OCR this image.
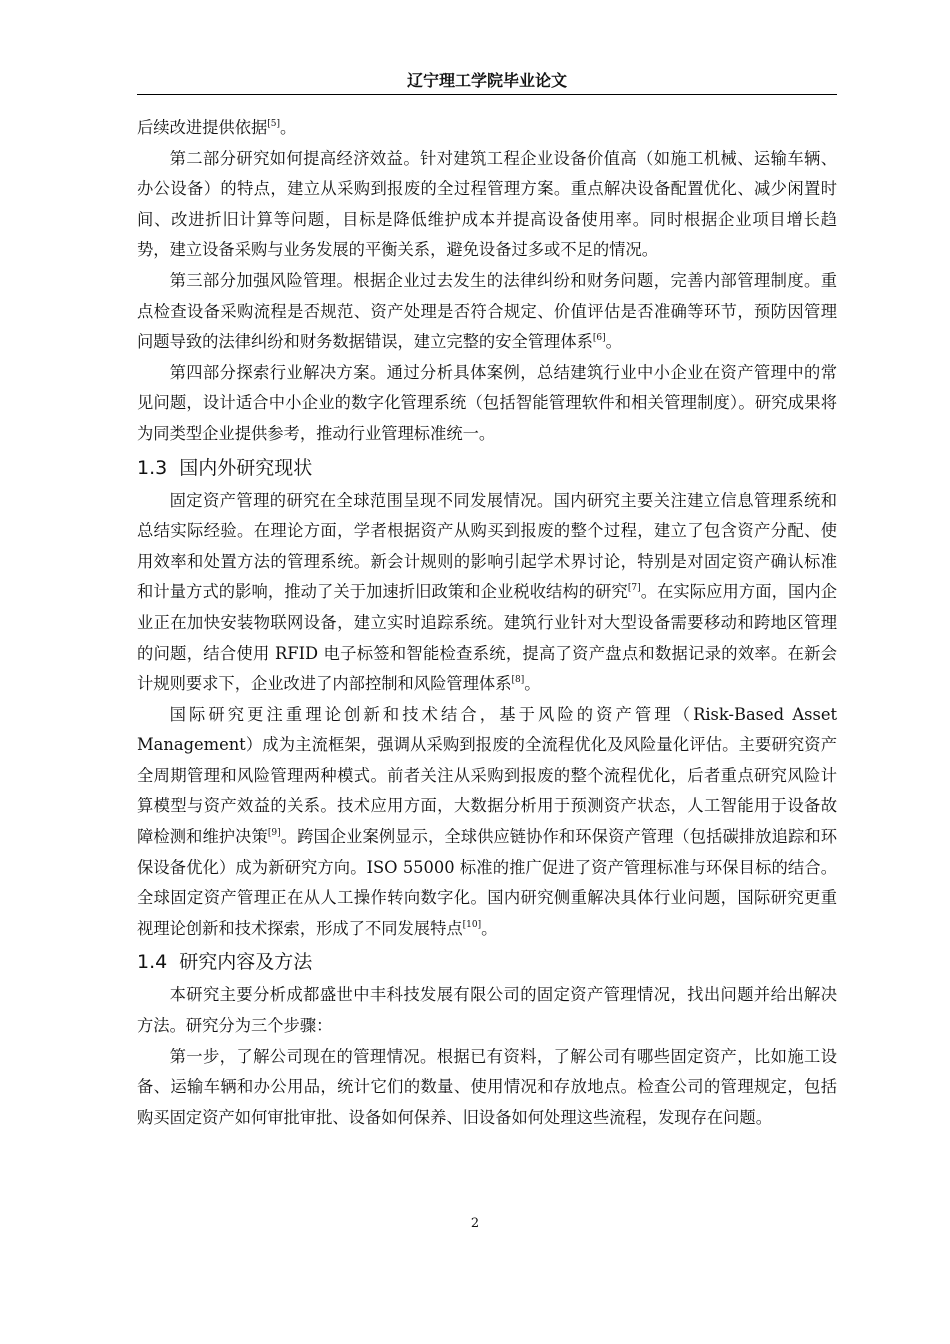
辽宁理工学院毕业论文

后续改进提供依据[5]。

第二部分研究如何提高经济效益。针对建筑工程企业设备价值高（如施工机械、运输车辆、办公设备）的特点，建立从采购到报废的全过程管理方案。重点解决设备配置优化、减少闲置时间、改进折旧计算等问题，目标是降低维护成本并提高设备使用率。同时根据企业项目增长趋势，建立设备采购与业务发展的平衡关系，避免设备过多或不足的情况。

第三部分加强风险管理。根据企业过去发生的法律纠纷和财务问题，完善内部管理制度。重点检查设备采购流程是否规范、资产处理是否符合规定、价值评估是否准确等环节，预防因管理问题导致的法律纠纷和财务数据错误，建立完整的安全管理体系[6]。

第四部分探索行业解决方案。通过分析具体案例，总结建筑行业中小企业在资产管理中的常见问题，设计适合中小企业的数字化管理系统（包括智能管理软件和相关管理制度）。研究成果将为同类型企业提供参考，推动行业管理标准统一。

1.3 国内外研究现状

固定资产管理的研究在全球范围呈现不同发展情况。国内研究主要关注建立信息管理系统和总结实际经验。在理论方面，学者根据资产从购买到报废的整个过程，建立了包含资产分配、使用效率和处置方法的管理系统。新会计规则的影响引起学术界讨论，特别是对固定资产确认标准和计量方式的影响，推动了关于加速折旧政策和企业税收结构的研究[7]。在实际应用方面，国内企业正在加快安装物联网设备，建立实时追踪系统。建筑行业针对大型设备需要移动和跨地区管理的问题，结合使用 RFID 电子标签和智能检查系统，提高了资产盘点和数据记录的效率。在新会计规则要求下，企业改进了内部控制和风险管理体系[8]。

国际研究更注重理论创新和技术结合，基于风险的资产管理（Risk-Based Asset Management）成为主流框架，强调从采购到报废的全流程优化及风险量化评估。主要研究资产全周期管理和风险管理两种模式。前者关注从采购到报废的整个流程优化，后者重点研究风险计算模型与资产效益的关系。技术应用方面，大数据分析用于预测资产状态，人工智能用于设备故障检测和维护决策[9]。跨国企业案例显示，全球供应链协作和环保资产管理（包括碳排放追踪和环保设备优化）成为新研究方向。ISO 55000 标准的推广促进了资产管理标准与环保目标的结合。全球固定资产管理正在从人工操作转向数字化。国内研究侧重解决具体行业问题，国际研究更重视理论创新和技术探索，形成了不同发展特点[10]。

1.4 研究内容及方法

本研究主要分析成都盛世中丰科技发展有限公司的固定资产管理情况，找出问题并给出解决方法。研究分为三个步骤：

第一步，了解公司现在的管理情况。根据已有资料，了解公司有哪些固定资产，比如施工设备、运输车辆和办公用品，统计它们的数量、使用情况和存放地点。检查公司的管理规定，包括购买固定资产如何审批审批、设备如何保养、旧设备如何处理这些流程，发现存在问题。

2
